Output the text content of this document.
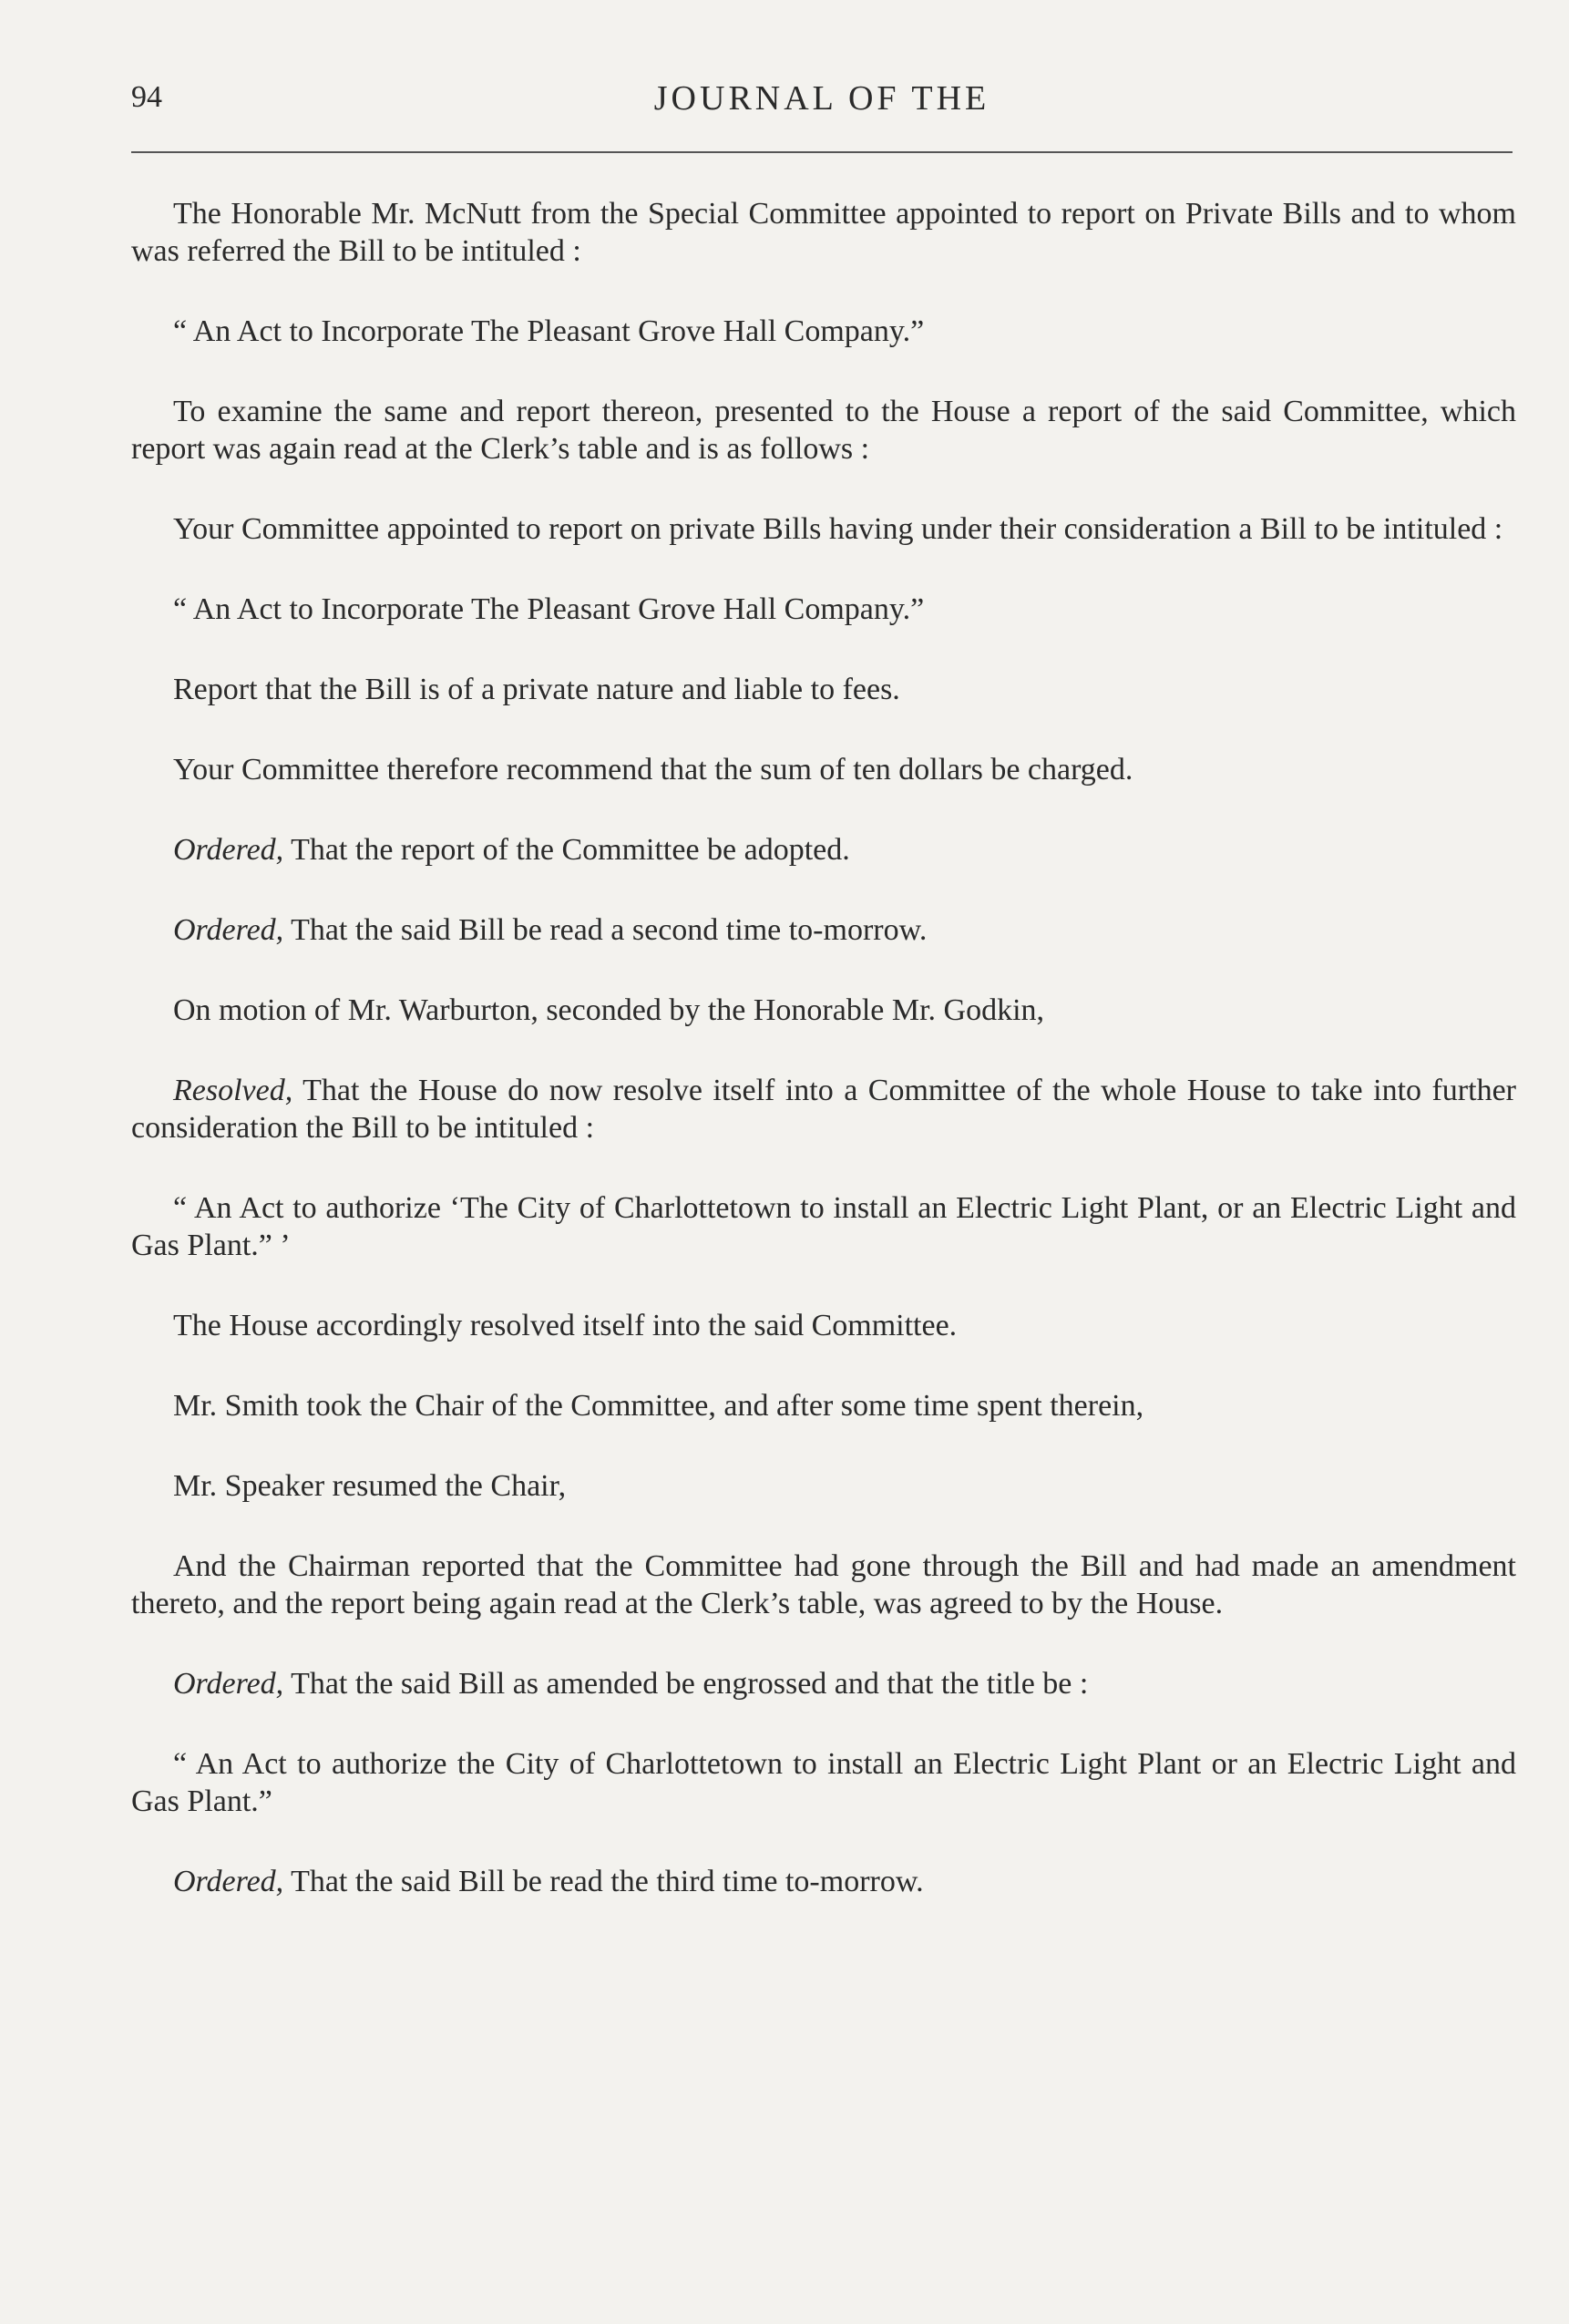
94	JOURNAL OF THE

The Honorable Mr. McNutt from the Special Committee appointed to report on Private Bills and to whom was referred the Bill to be intituled :

“ An Act to Incorporate The Pleasant Grove Hall Company.”

To examine the same and report thereon, presented to the House a report of the said Committee, which report was again read at the Clerk’s table and is as follows :

Your Committee appointed to report on private Bills having under their consideration a Bill to be intituled :

“ An Act to Incorporate The Pleasant Grove Hall Company.”

Report that the Bill is of a private nature and liable to fees.

Your Committee therefore recommend that the sum of ten dollars be charged.

Ordered, That the report of the Committee be adopted.

Ordered, That the said Bill be read a second time to-morrow.

On motion of Mr. Warburton, seconded by the Honorable Mr. Godkin,

Resolved, That the House do now resolve itself into a Committee of the whole House to take into further consideration the Bill to be intituled :

“ An Act to authorize ‘The City of Charlottetown to install an Electric Light Plant, or an Electric Light and Gas Plant.” ’

The House accordingly resolved itself into the said Committee.

Mr. Smith took the Chair of the Committee, and after some time spent therein,

Mr. Speaker resumed the Chair,

And the Chairman reported that the Committee had gone through the Bill and had made an amendment thereto, and the report being again read at the Clerk’s table, was agreed to by the House.

Ordered, That the said Bill as amended be engrossed and that the title be :

“ An Act to authorize the City of Charlottetown to install an Electric Light Plant or an Electric Light and Gas Plant.”

Ordered, That the said Bill be read the third time to-morrow.
